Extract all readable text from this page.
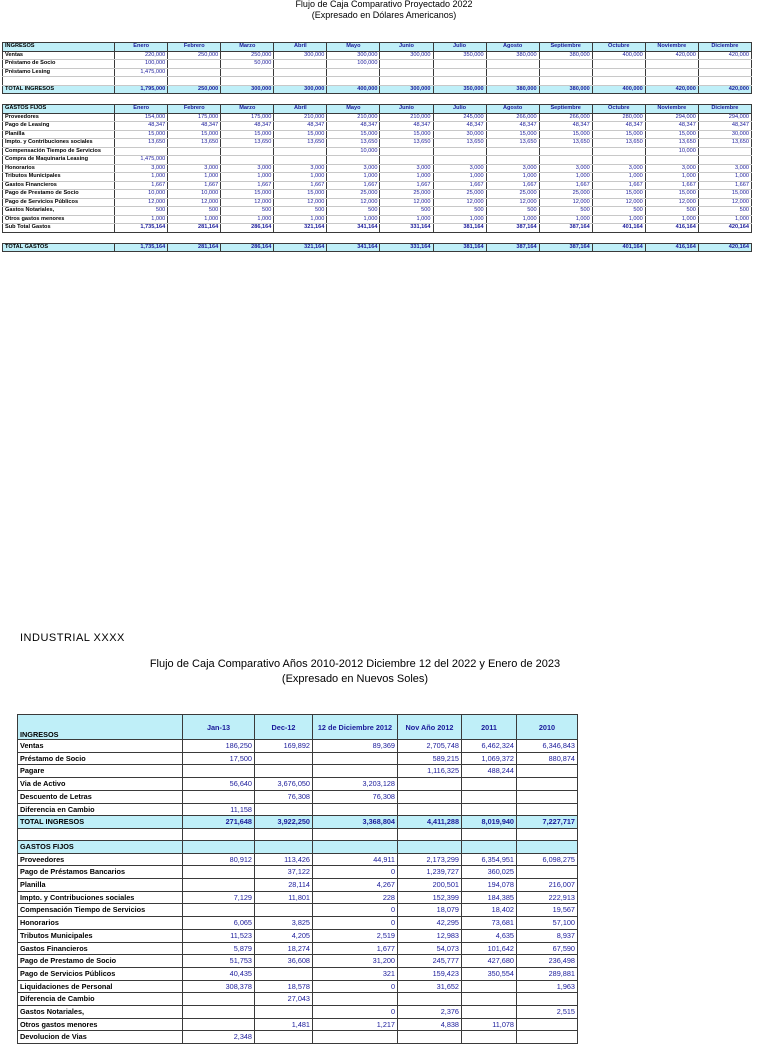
Flujo de Caja Comparativo Proyectado 2022
(Expresado en Dólares Americanos)
INGRESOS	Enero	Febrero	Marzo	Abril	Mayo	Junio	Julio	Agosto	Septiembre	Octubre	Noviembre	Diciembre
Ventas	220,000	250,000	250,000	300,000	300,000	300,000	350,000	380,000	380,000	400,000	420,000	420,000
Préstamo de Socio	100,000		50,000		100,000							
Préstamo Lesing	1,475,000											

TOTAL INGRESOS	1,795,000	250,000	300,000	300,000	400,000	300,000	350,000	380,000	380,000	400,000	420,000	420,000

GASTOS FIJOS	Enero	Febrero	Marzo	Abril	Mayo	Junio	Julio	Agosto	Septiembre	Octubre	Noviembre	Diciembre
Proveedores	154,000	175,000	175,000	210,000	210,000	210,000	245,000	266,000	266,000	280,000	294,000	294,000
Pago de Leasing	48,347	48,347	48,347	48,347	48,347	48,347	48,347	48,347	48,347	48,347	48,347	48,347
Planilla	15,000	15,000	15,000	15,000	15,000	15,000	30,000	15,000	15,000	15,000	15,000	30,000
Impto. y Contribuciones sociales	13,650	13,650	13,650	13,650	13,650	13,650	13,650	13,650	13,650	13,650	13,650	13,650
Compensación Tiempo de Servicios					10,000						10,000	
Compra de Maquinaria Leasing	1,475,000											
Honorarios	3,000	3,000	3,000	3,000	3,000	3,000	3,000	3,000	3,000	3,000	3,000	3,000
Tributos Municipales	1,000	1,000	1,000	1,000	1,000	1,000	1,000	1,000	1,000	1,000	1,000	1,000
Gastos Financieros	1,667	1,667	1,667	1,667	1,667	1,667	1,667	1,667	1,667	1,667	1,667	1,667
Pago de Prestamo de Socio	10,000	10,000	15,000	15,000	25,000	25,000	25,000	25,000	25,000	15,000	15,000	15,000
Pago de Servicios Públicos	12,000	12,000	12,000	12,000	12,000	12,000	12,000	12,000	12,000	12,000	12,000	12,000
Gastos Notariales,	500	500	500	500	500	500	500	500	500	500	500	500
Otros gastos menores	1,000	1,000	1,000	1,000	1,000	1,000	1,000	1,000	1,000	1,000	1,000	1,000
Sub Total Gastos	1,735,164	281,164	286,164	321,164	341,164	331,164	381,164	387,164	387,164	401,164	416,164	420,164

TOTAL GASTOS	1,735,164	281,164	286,164	321,164	341,164	331,164	381,164	387,164	387,164	401,164	416,164	420,164
INDUSTRIAL XXXX
Flujo de Caja Comparativo Años 2010-2012 Diciembre 12 del 2022 y Enero de 2023
(Expresado en Nuevos Soles)
INGRESOS	Jan-13	Dec-12	12 de Diciembre 2012	Nov Año 2012	2011	2010
Ventas	186,250	169,892	89,369	2,705,748	6,462,324	6,346,843
Préstamo de Socio	17,500			589,215	1,069,372	880,874
Pagare				1,116,325	488,244	
Via de Activo	56,640	3,676,050	3,203,128			
Descuento de Letras		76,308	76,308			
Diferencia en Cambio	11,158					
TOTAL INGRESOS	271,648	3,922,250	3,368,804	4,411,288	8,019,940	7,227,717

GASTOS FIJOS						
Proveedores	80,912	113,426	44,911	2,173,299	6,354,951	6,098,275
Pago de Préstamos Bancarios		37,122	0	1,239,727	360,025	
Planilla		28,114	4,267	200,501	194,078	216,007
Impto. y Contribuciones sociales	7,129	11,801	228	152,399	184,385	222,913
Compensación Tiempo de Servicios			0	18,079	18,402	19,567
Honorarios	6,065	3,825	0	42,295	73,681	57,100
Tributos Municipales	11,523	4,205	2,519	12,983	4,635	8,937
Gastos Financieros	5,879	18,274	1,677	54,073	101,642	67,590
Pago de Prestamo de Socio	51,753	36,608	31,200	245,777	427,680	236,498
Pago de Servicios Públicos	40,435		321	159,423	350,554	289,881
Liquidaciones de Personal	308,378	18,578	0	31,652		1,963
Diferencia de Cambio		27,043				
Gastos Notariales,			0	2,376		2,515
Otros gastos menores		1,481	1,217	4,838	11,078	
Devolucion de Vias	2,348					
